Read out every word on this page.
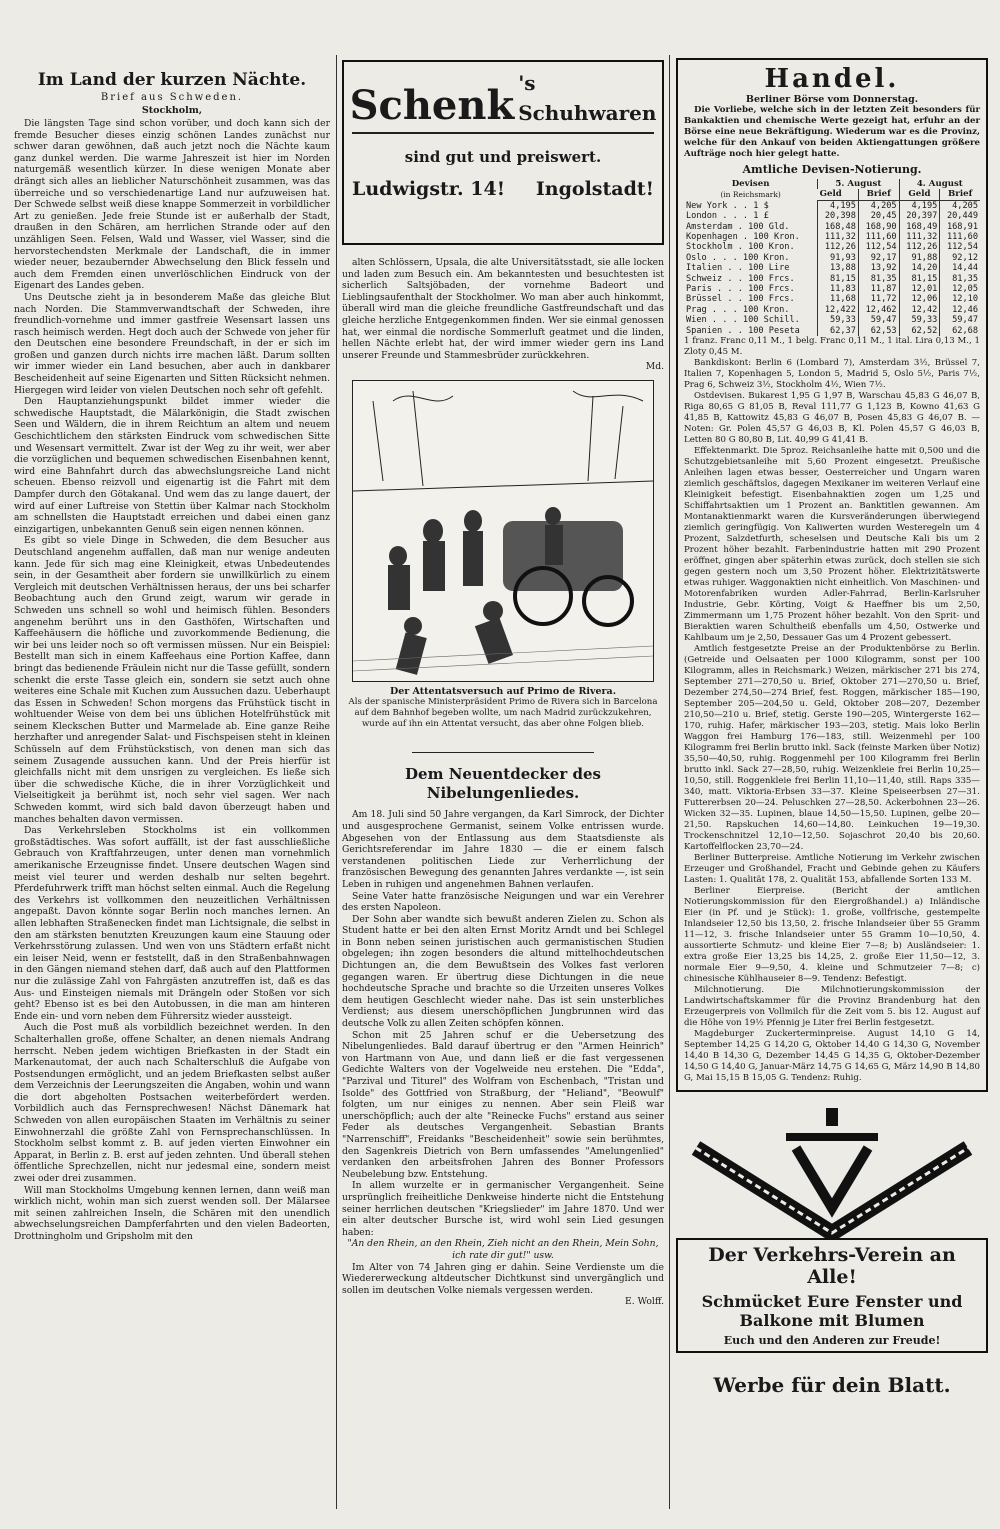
Im Land der kurzen Nächte.
Brief aus Schweden.
Stockholm,

Die längsten Tage sind schon vorüber, und doch kann sich der fremde Besucher dieses einzig schönen Landes zunächst nur schwer daran gewöhnen, daß auch jetzt noch die Nächte kaum ganz dunkel werden. Die warme Jahreszeit ist hier im Norden naturgemäß wesentlich kürzer. In diese wenigen Monate aber drängt sich alles an lieblicher Naturschönheit zusammen, was das überreiche und so verschiedenartige Land nur aufzuweisen hat. Der Schwede selbst weiß diese knappe Sommerzeit in vorbildlicher Art zu genießen. Jede freie Stunde ist er außerhalb der Stadt, draußen in den Schären, am herrlichen Strande oder auf den unzähligen Seen. Felsen, Wald und Wasser, viel Wasser, sind die hervorstechendsten Merkmale der Landschaft, die in immer wieder neuer, bezaubernder Abwechselung den Blick fesseln und auch dem Fremden einen unverlöschlichen Eindruck von der Eigenart des Landes geben.

Uns Deutsche zieht ja in besonderem Maße das gleiche Blut nach Norden. Die Stammverwandtschaft der Schweden, ihre freundlich-vornehme und immer gastfreie Wesensart lassen uns rasch heimisch werden. Hegt doch auch der Schwede von jeher für den Deutschen eine besondere Freundschaft, in der er sich im großen und ganzen durch nichts irre machen läßt. Darum sollten wir immer wieder ein Land besuchen, aber auch in dankbarer Bescheidenheit auf seine Eigenarten und Sitten Rücksicht nehmen. Hiergegen wird leider von vielen Deutschen noch sehr oft gefehlt.

Den Hauptanziehungspunkt bildet immer wieder die schwedische Hauptstadt, die Mälarkönigin, die Stadt zwischen Seen und Wäldern, die in ihrem Reichtum an altem und neuem Geschichtlichem den stärksten Eindruck vom schwedischen Sitte und Wesensart vermittelt. Zwar ist der Weg zu ihr weit, wer aber die vorzüglichen und bequemen schwedischen Eisenbahnen kennt, wird eine Bahnfahrt durch das abwechslungsreiche Land nicht scheuen. Ebenso reizvoll und eigenartig ist die Fahrt mit dem Dampfer durch den Götakanal. Und wem das zu lange dauert, der wird auf einer Luftreise von Stettin über Kalmar nach Stockholm am schnellsten die Hauptstadt erreichen und dabei einen ganz einzigartigen, unbekannten Genuß sein eigen nennen können.

Es gibt so viele Dinge in Schweden, die dem Besucher aus Deutschland angenehm auffallen, daß man nur wenige andeuten kann. Jede für sich mag eine Kleinigkeit, etwas Unbedeutendes sein, in der Gesamtheit aber fordern sie unwillkürlich zu einem Vergleich mit deutschen Verhältnissen heraus, der uns bei scharfer Beobachtung auch den Grund zeigt, warum wir gerade in Schweden uns schnell so wohl und heimisch fühlen. Besonders angenehm berührt uns in den Gasthöfen, Wirtschaften und Kaffeehäusern die höfliche und zuvorkommende Bedienung, die wir bei uns leider noch so oft vermissen müssen. Nur ein Beispiel: Bestellt man sich in einem Kaffeehaus eine Portion Kaffee, dann bringt das bedienende Fräulein nicht nur die Tasse gefüllt, sondern schenkt die erste Tasse gleich ein, sondern sie setzt auch ohne weiteres eine Schale mit Kuchen zum Aussuchen dazu. Ueberhaupt das Essen in Schweden! Schon morgens das Frühstück tischt in wohltuender Weise von dem bei uns üblichen Hotelfrühstück mit seinem Kleckschen Butter und Marmelade ab. Eine ganze Reihe herzhafter und anregender Salat- und Fischspeisen steht in kleinen Schüsseln auf dem Frühstückstisch, von denen man sich das seinem Zusagende aussuchen kann. Und der Preis hierfür ist gleichfalls nicht mit dem unsrigen zu vergleichen. Es ließe sich über die schwedische Küche, die in ihrer Vorzüglichkeit und Vielseitigkeit ja berühmt ist, noch sehr viel sagen. Wer nach Schweden kommt, wird sich bald davon überzeugt haben und manches behalten davon vermissen.

Das Verkehrsleben Stockholms ist ein vollkommen großstädtisches. Was sofort auffällt, ist der fast ausschließliche Gebrauch von Kraftfahrzeugen, unter denen man vornehmlich amerikanische Erzeugnisse findet. Unsere deutschen Wagen sind meist viel teurer und werden deshalb nur selten begehrt. Pferdefuhrwerk trifft man höchst selten einmal. Auch die Regelung des Verkehrs ist vollkommen den neuzeitlichen Verhältnissen angepaßt. Davon könnte sogar Berlin noch manches lernen. An allen lebhaften Straßenecken findet man Lichtsignale, die selbst in den am stärksten benutzten Kreuzungen kaum eine Stauung oder Verkehrsstörung zulassen. Und wen von uns Städtern erfaßt nicht ein leiser Neid, wenn er feststellt, daß in den Straßenbahnwagen in den Gängen niemand stehen darf, daß auch auf den Plattformen nur die zulässige Zahl von Fahrgästen anzutreffen ist, daß es das Aus- und Einsteigen niemals mit Drängeln oder Stoßen vor sich geht? Ebenso ist es bei den Autobussen, in die man am hinteren Ende ein- und vorn neben dem Führersitz wieder aussteigt.

Auch die Post muß als vorbildlich bezeichnet werden. In den Schalterhallen große, offene Schalter, an denen niemals Andrang herrscht. Neben jedem wichtigen Briefkasten in der Stadt ein Markenautomat, der auch nach Schalterschluß die Aufgabe von Postsendungen ermöglicht, und an jedem Briefkasten selbst außer dem Verzeichnis der Leerungszeiten die Angaben, wohin und wann die dort abgeholten Postsachen weiterbefördert werden. Vorbildlich auch das Fernsprechwesen! Nächst Dänemark hat Schweden von allen europäischen Staaten im Verhältnis zu seiner Einwohnerzahl die größte Zahl von Fernsprechanschlüssen. In Stockholm selbst kommt z. B. auf jeden vierten Einwohner ein Apparat, in Berlin z. B. erst auf jeden zehnten. Und überall stehen öffentliche Sprechzellen, nicht nur jedesmal eine, sondern meist zwei oder drei zusammen.

Will man Stockholms Umgebung kennen lernen, dann weiß man wirklich nicht, wohin man sich zuerst wenden soll. Der Mälarsee mit seinen zahlreichen Inseln, die Schären mit den unendlich abwechselungsreichen Dampferfahrten und den vielen Badeorten, Drottningholm und Gripsholm mit den

Schenk 's Schuhwaren
sind gut und preiswert.
Ludwigstr. 14! Ingolstadt!

alten Schlössern, Upsala, die alte Universitätsstadt, sie alle locken und laden zum Besuch ein. Am bekanntesten und besuchtesten ist sicherlich Saltsjöbaden, der vornehme Badeort und Lieblingsaufenthalt der Stockholmer. Wo man aber auch hinkommt, überall wird man die gleiche freundliche Gastfreundschaft und das gleiche herzliche Entgegenkommen finden. Wer sie einmal genossen hat, wer einmal die nordische Sommerluft geatmet und die linden, hellen Nächte erlebt hat, der wird immer wieder gern ins Land unserer Freunde und Stammesbrüder zurückkehren.

Md.
Der Attentatsversuch auf Primo de Rivera.

Als der spanische Ministerpräsident Primo de Rivera sich in Barcelona auf dem Bahnhof begeben wollte, um nach Madrid zurückzukehren, wurde auf ihn ein Attentat versucht, das aber ohne Folgen blieb.

Dem Neuentdecker des Nibelungenliedes.

Am 18. Juli sind 50 Jahre vergangen, da Karl Simrock, der Dichter und ausgesprochene Germanist, seinem Volke entrissen wurde. Abgesehen von der Entlassung aus dem Staatsdienste als Gerichtsreferendar im Jahre 1830 — die er einem falsch verstandenen politischen Liede zur Verherrlichung der französischen Bewegung des genannten Jahres verdankte —, ist sein Leben in ruhigen und angenehmen Bahnen verlaufen.

Seine Vater hatte französische Neigungen und war ein Verehrer des ersten Napoleon.

Der Sohn aber wandte sich bewußt anderen Zielen zu. Schon als Student hatte er bei den alten Ernst Moritz Arndt und bei Schlegel in Bonn neben seinen juristischen auch germanistischen Studien obgelegen; ihn zogen besonders die altund mittelhochdeutschen Dichtungen an, die dem Bewußtsein des Volkes fast verloren gegangen waren. Er übertrug diese Dichtungen in die neue hochdeutsche Sprache und brachte so die Urzeiten unseres Volkes dem heutigen Geschlecht wieder nahe. Das ist sein unsterbliches Verdienst; aus diesem unerschöpflichen Jungbrunnen wird das deutsche Volk zu allen Zeiten schöpfen können.

Schon mit 25 Jahren schuf er die Uebersetzung des Nibelungenliedes. Bald darauf übertrug er den "Armen Heinrich" von Hartmann von Aue, und dann ließ er die fast vergessenen Gedichte Walters von der Vogelweide neu erstehen. Die "Edda", "Parzival und Titurel" des Wolfram von Eschenbach, "Tristan und Isolde" des Gottfried von Straßburg, der "Heliand", "Beowulf" folgten, um nur einiges zu nennen. Aber sein Fleiß war unerschöpflich; auch der alte "Reinecke Fuchs" erstand aus seiner Feder als deutsches Vergangenheit. Sebastian Brants "Narrenschiff", Freidanks "Bescheidenheit" sowie sein berühmtes, den Sagenkreis Dietrich von Bern umfassendes "Amelungenlied" verdanken den arbeitsfrohen Jahren des Bonner Professors Neubelebung bzw. Entstehung.

In allem wurzelte er in germanischer Vergangenheit. Seine ursprünglich freiheitliche Denkweise hinderte nicht die Entstehung seiner herrlichen deutschen "Kriegslieder" im Jahre 1870. Und wer ein alter deutscher Bursche ist, wird wohl sein Lied gesungen haben:

"An den Rhein, an den Rhein, Zieh nicht an den Rhein, Mein Sohn, ich rate dir gut!" usw.

Im Alter von 74 Jahren ging er dahin. Seine Verdienste um die Wiedererweckung altdeutscher Dichtkunst sind unvergänglich und sollen im deutschen Volke niemals vergessen werden.

E. Wolff.
Handel.
Berliner Börse vom Donnerstag.

Die Vorliebe, welche sich in der letzten Zeit besonders für Bankaktien und chemische Werte gezeigt hat, erfuhr an der Börse eine neue Bekräftigung. Wiederum war es die Provinz, welche für den Ankauf von beiden Aktiengattungen größere Aufträge noch hier gelegt hatte.

Amtliche Devisen-Notierung.
Devisen
(in Reichsmark)	5. August		4. August	
	Geld	Brief	Geld	Brief
New York . . 1 $	4,195	4,205	4,195	4,205
London . . . 1 £	20,398	20,45	20,397	20,449
Amsterdam . 100 Gld.	168,48	168,90	168,49	168,91
Kopenhagen . 100 Kron.	111,32	111,60	111,32	111,60
Stockholm . 100 Kron.	112,26	112,54	112,26	112,54
Oslo . . . 100 Kron.	91,93	92,17	91,88	92,12
Italien . . 100 Lire	13,88	13,92	14,20	14,44
Schweiz . . 100 Frcs.	81,15	81,35	81,15	81,35
Paris . . . 100 Frcs.	11,83	11,87	12,01	12,05
Brüssel . . 100 Frcs.	11,68	11,72	12,06	12,10
Prag . . . 100 Kron.	12,422	12,462	12,42	12,46
Wien . . . 100 Schill.	59,33	59,47	59,33	59,47
Spanien . . 100 Peseta	62,37	62,53	62,52	62,68

1 franz. Franc 0,11 M., 1 belg. Franc 0,11 M., 1 ital. Lira 0,13 M., 1 Zloty 0,45 M.

Bankdiskont: Berlin 6 (Lombard 7), Amsterdam 3½, Brüssel 7, Italien 7, Kopenhagen 5, London 5, Madrid 5, Oslo 5½, Paris 7½, Prag 6, Schweiz 3½, Stockholm 4½, Wien 7½.

Ostdevisen. Bukarest 1,95 G 1,97 B, Warschau 45,83 G 46,07 B, Riga 80,65 G 81,05 B, Reval 111,77 G 1,123 B, Kowno 41,63 G 41,85 B, Kattowitz 45,83 G 46,07 B, Posen 45,83 G 46,07 B. — Noten: Gr. Polen 45,57 G 46,03 B, Kl. Polen 45,57 G 46,03 B, Letten 80 G 80,80 B, Lit. 40,99 G 41,41 B.

Effektenmarkt. Die 5proz. Reichsanleihe hatte mit 0,500 und die Schutzgebietsanleihe mit 5,60 Prozent eingesetzt. Preußische Anleihen lagen etwas besser, Oesterreicher und Ungarn waren ziemlich geschäftslos, dagegen Mexikaner im weiteren Verlauf eine Kleinigkeit befestigt. Eisenbahnaktien zogen um 1,25 und Schiffahrtsaktien um 1 Prozent an. Banktitlen gewannen. Am Montanaktienmarkt waren die Kursveränderungen überwiegend ziemlich geringfügig. Von Kaliwerten wurden Westeregeln um 4 Prozent, Salzdetfurth, scheselsen und Deutsche Kali bis um 2 Prozent höher bezahlt. Farbenindustrie hatten mit 290 Prozent eröffnet, gingen aber späterhin etwas zurück, doch stellen sie sich gegen gestern noch um 3,50 Prozent höher. Elektrizitätswerte etwas ruhiger. Waggonaktien nicht einheitlich. Von Maschinen- und Motorenfabriken wurden Adler-Fahrrad, Berlin-Karlsruher Industrie, Gebr. Körting, Voigt & Haeffner bis um 2,50, Zimmermann um 1,75 Prozent höher bezahlt. Von den Sprit- und Bieraktien waren Schultheiß ebenfalls um 4,50, Ostwerke und Kahlbaum um je 2,50, Dessauer Gas um 4 Prozent gebessert.

Amtlich festgesetzte Preise an der Produktenbörse zu Berlin. (Getreide und Oelsaaten per 1000 Kilogramm, sonst per 100 Kilogramm, alles in Reichsmark.) Weizen, märkischer 271 bis 274, September 271—270,50 u. Brief, Oktober 271—270,50 u. Brief, Dezember 274,50—274 Brief, fest. Roggen, märkischer 185—190, September 205—204,50 u. Geld, Oktober 208—207, Dezember 210,50—210 u. Brief, stetig. Gerste 190—205, Wintergerste 162—170, ruhig. Hafer, märkischer 193—203, stetig. Mais loko Berlin Waggon frei Hamburg 176—183, still. Weizenmehl per 100 Kilogramm frei Berlin brutto inkl. Sack (feinste Marken über Notiz) 35,50—40,50, ruhig. Roggenmehl per 100 Kilogramm frei Berlin brutto inkl. Sack 27—28,50, ruhig. Weizenkleie frei Berlin 10,25—10,50, still. Roggenkleie frei Berlin 11,10—11,40, still. Raps 335—340, matt. Viktoria-Erbsen 33—37. Kleine Speiseerbsen 27—31. Futtererbsen 20—24. Peluschken 27—28,50. Ackerbohnen 23—26. Wicken 32—35. Lupinen, blaue 14,50—15,50. Lupinen, gelbe 20—21,50. Rapskuchen 14,60—14,80. Leinkuchen 19—19,30. Trockenschnitzel 12,10—12,50. Sojaschrot 20,40 bis 20,60. Kartoffelflocken 23,70—24.

Berliner Butterpreise. Amtliche Notierung im Verkehr zwischen Erzeuger und Großhandel, Fracht und Gebinde gehen zu Käufers Lasten: 1. Qualität 178, 2. Qualität 153, abfallende Sorten 133 M.

Berliner Eierpreise. (Bericht der amtlichen Notierungskommission für den Eiergroßhandel.) a) Inländische Eier (in Pf. und je Stück): 1. große, vollfrische, gestempelte Inlandseier 12,50 bis 13,50, 2. frische Inlandseier über 55 Gramm 11—12, 3. frische Inlandseier unter 55 Gramm 10—10,50, 4. aussortierte Schmutz- und kleine Eier 7—8; b) Ausländseier: 1. extra große Eier 13,25 bis 14,25, 2. große Eier 11,50—12, 3. normale Eier 9—9,50, 4. kleine und Schmutzeier 7—8; c) chinesische Kühlhauseier 8—9. Tendenz: Befestigt.

Milchnotierung. Die Milchnotierungskommission der Landwirtschaftskammer für die Provinz Brandenburg hat den Erzeugerpreis von Vollmilch für die Zeit vom 5. bis 12. August auf die Höhe von 19½ Pfennig je Liter frei Berlin festgesetzt.

Magdeburger Zuckerterminpreise. August 14,10 G 14, September 14,25 G 14,20 G, Oktober 14,40 G 14,30 G, November 14,40 B 14,30 G, Dezember 14,45 G 14,35 G, Oktober-Dezember 14,50 G 14,40 G, Januar-März 14,75 G 14,65 G, März 14,90 B 14,80 G, Mai 15,15 B 15,05 G. Tendenz: Ruhig.

Der Verkehrs-Verein an Alle!
Schmücket Eure Fenster und
Balkone mit Blumen
Euch und den Anderen zur Freude!
Werbe für dein Blatt.
